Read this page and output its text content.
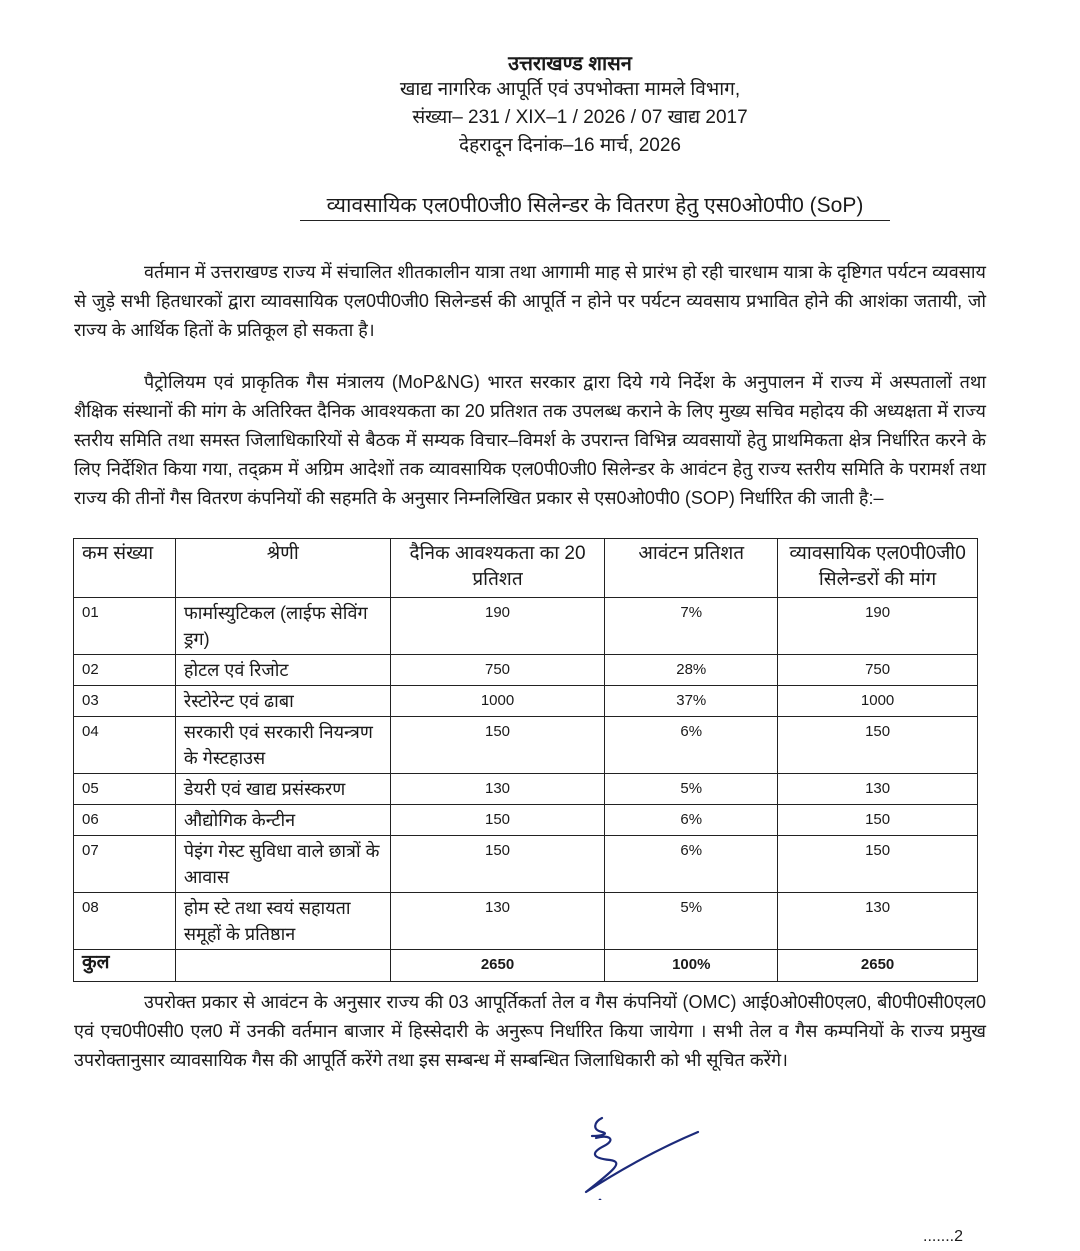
उत्तराखण्ड शासन
खाद्य नागरिक आपूर्ति एवं उपभोक्ता मामले विभाग,
संख्या– 231 / XIX–1 / 2026 / 07 खाद्य 2017
देहरादून दिनांक–16 मार्च, 2026
व्यावसायिक एल0पी0जी0 सिलेन्डर के वितरण हेतु एस0ओ0पी0 (SoP)

वर्तमान में उत्तराखण्ड राज्य में संचालित शीतकालीन यात्रा तथा आगामी माह से प्रारंभ हो रही चारधाम यात्रा के दृष्टिगत पर्यटन व्यवसाय से जुड़े सभी हितधारकों द्वारा व्यावसायिक एल0पी0जी0 सिलेन्डर्स की आपूर्ति न होने पर पर्यटन व्यवसाय प्रभावित होने की आशंका जतायी, जो राज्य के आर्थिक हितों के प्रतिकूल हो सकता है।

पैट्रोलियम एवं प्राकृतिक गैस मंत्रालय (MoP&NG) भारत सरकार द्वारा दिये गये निर्देश के अनुपालन में राज्य में अस्पतालों तथा शैक्षिक संस्थानों की मांग के अतिरिक्त दैनिक आवश्यकता का 20 प्रतिशत तक उपलब्ध कराने के लिए मुख्य सचिव महोदय की अध्यक्षता में राज्य स्तरीय समिति तथा समस्त जिलाधिकारियों से बैठक में सम्यक विचार–विमर्श के उपरान्त विभिन्न व्यवसायों हेतु प्राथमिकता क्षेत्र निर्धारित करने के लिए निर्देशित किया गया, तद्क्रम में अग्रिम आदेशों तक व्यावसायिक एल0पी0जी0 सिलेन्डर के आवंटन हेतु राज्य स्तरीय समिति के परामर्श तथा राज्य की तीनों गैस वितरण कंपनियों की सहमति के अनुसार निम्नलिखित प्रकार से एस0ओ0पी0 (SOP) निर्धारित की जाती है:–

कम संख्या	श्रेणी	दैनिक आवश्यकता का 20 प्रतिशत	आवंटन प्रतिशत	व्यावसायिक एल0पी0जी0 सिलेन्डरों की मांग
01	फार्मास्युटिकल (लाईफ सेविंग ड्रग)	190	7%	190
02	होटल एवं रिजोट	750	28%	750
03	रेस्टोरेन्ट एवं ढाबा	1000	37%	1000
04	सरकारी एवं सरकारी नियन्त्रण के गेस्टहाउस	150	6%	150
05	डेयरी एवं खाद्य प्रसंस्करण	130	5%	130
06	औद्योगिक केन्टीन	150	6%	150
07	पेइंग गेस्ट सुविधा वाले छात्रों के आवास	150	6%	150
08	होम स्टे तथा स्वयं सहायता समूहों के प्रतिष्ठान	130	5%	130
कुल		2650	100%	2650

उपरोक्त प्रकार से आवंटन के अनुसार राज्य की 03 आपूर्तिकर्ता तेल व गैस कंपनियों (OMC) आई0ओ0सी0एल0, बी0पी0सी0एल0 एवं एच0पी0सी0 एल0 में उनकी वर्तमान बाजार में हिस्सेदारी के अनुरूप निर्धारित किया जायेगा । सभी तेल व गैस कम्पनियों के राज्य प्रमुख उपरोक्तानुसार व्यावसायिक गैस की आपूर्ति करेंगे तथा इस सम्बन्ध में सम्बन्धित जिलाधिकारी को भी सूचित करेंगे।

.......2
